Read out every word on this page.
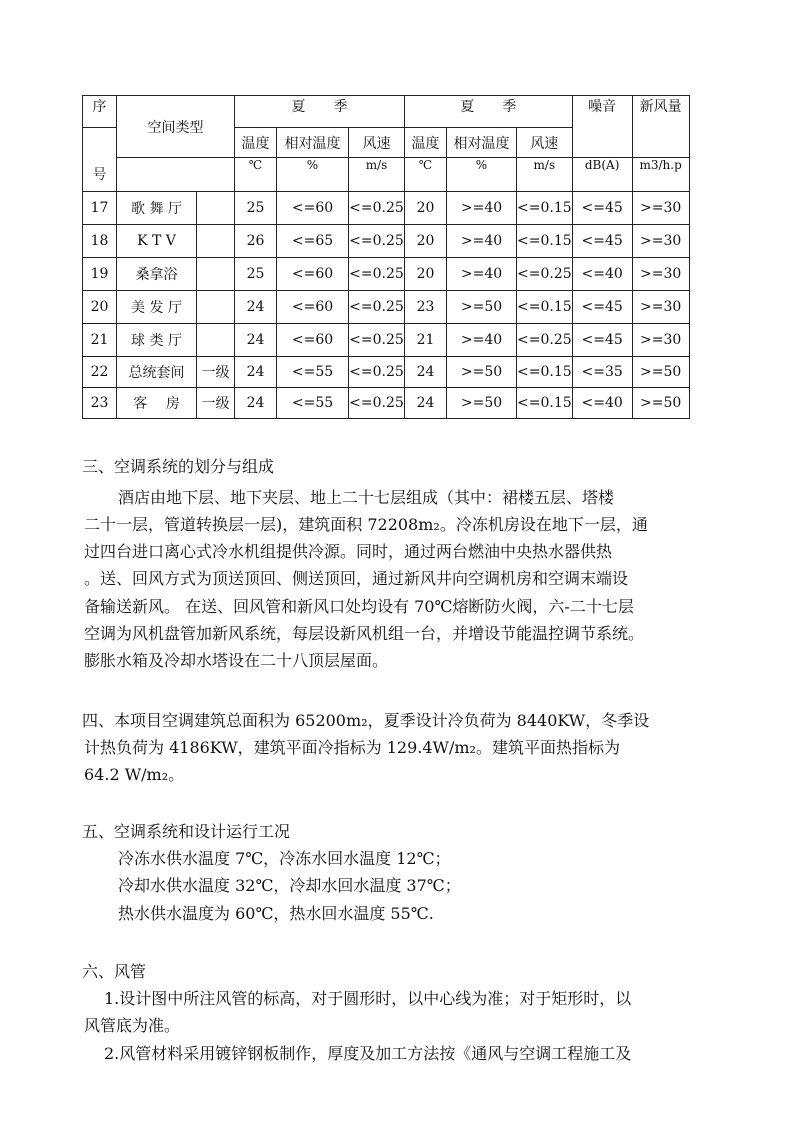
序	空间类型		夏　　季			夏　　季			噪音	新风量
			温度	相对温度	风速	温度	相对温度	风速		
号			℃	%	m/s	℃	%	m/s	dB(A)	m3/h.p
17	歌 舞 厅		25	<=60	<=0.25	20	>=40	<=0.15	<=45	>=30
18	K T V		26	<=65	<=0.25	20	>=40	<=0.15	<=45	>=30
19	桑拿浴		25	<=60	<=0.25	20	>=40	<=0.25	<=40	>=30
20	美 发 厅		24	<=60	<=0.25	23	>=50	<=0.15	<=45	>=30
21	球 类 厅		24	<=60	<=0.25	21	>=40	<=0.25	<=45	>=30
22	总统套间	一级	24	<=55	<=0.25	24	>=50	<=0.15	<=35	>=50
23	客　 房	一级	24	<=55	<=0.25	24	>=50	<=0.15	<=40	>=50
三、空调系统的划分与组成

酒店由地下层、地下夹层、地上二十七层组成（其中：裙楼五层、塔楼

二十一层，管道转换层一层)，建筑面积 72208m₂。冷冻机房设在地下一层，通

过四台进口离心式冷水机组提供冷源。同时，通过两台燃油中央热水器供热

。送、回风方式为顶送顶回、侧送顶回，通过新风井向空调机房和空调末端设

备输送新风。 在送、回风管和新风口处均设有 70℃熔断防火阀，六-二十七层

空调为风机盘管加新风系统，每层设新风机组一台，并增设节能温控调节系统。

膨胀水箱及冷却水塔设在二十八顶层屋面。

四、本项目空调建筑总面积为 65200m₂，夏季设计冷负荷为 8440KW，冬季设

计热负荷为 4186KW，建筑平面冷指标为 129.4W/m₂。建筑平面热指标为

64.2 W/m₂。

五、空调系统和设计运行工况

冷冻水供水温度 7℃，冷冻水回水温度 12℃；

冷却水供水温度 32℃，冷却水回水温度 37℃；

热水供水温度为 60℃，热水回水温度 55℃.

六、风管

1.设计图中所注风管的标高，对于圆形时，以中心线为准；对于矩形时，以

风管底为准。

2.风管材料采用镀锌钢板制作，厚度及加工方法按《通风与空调工程施工及
